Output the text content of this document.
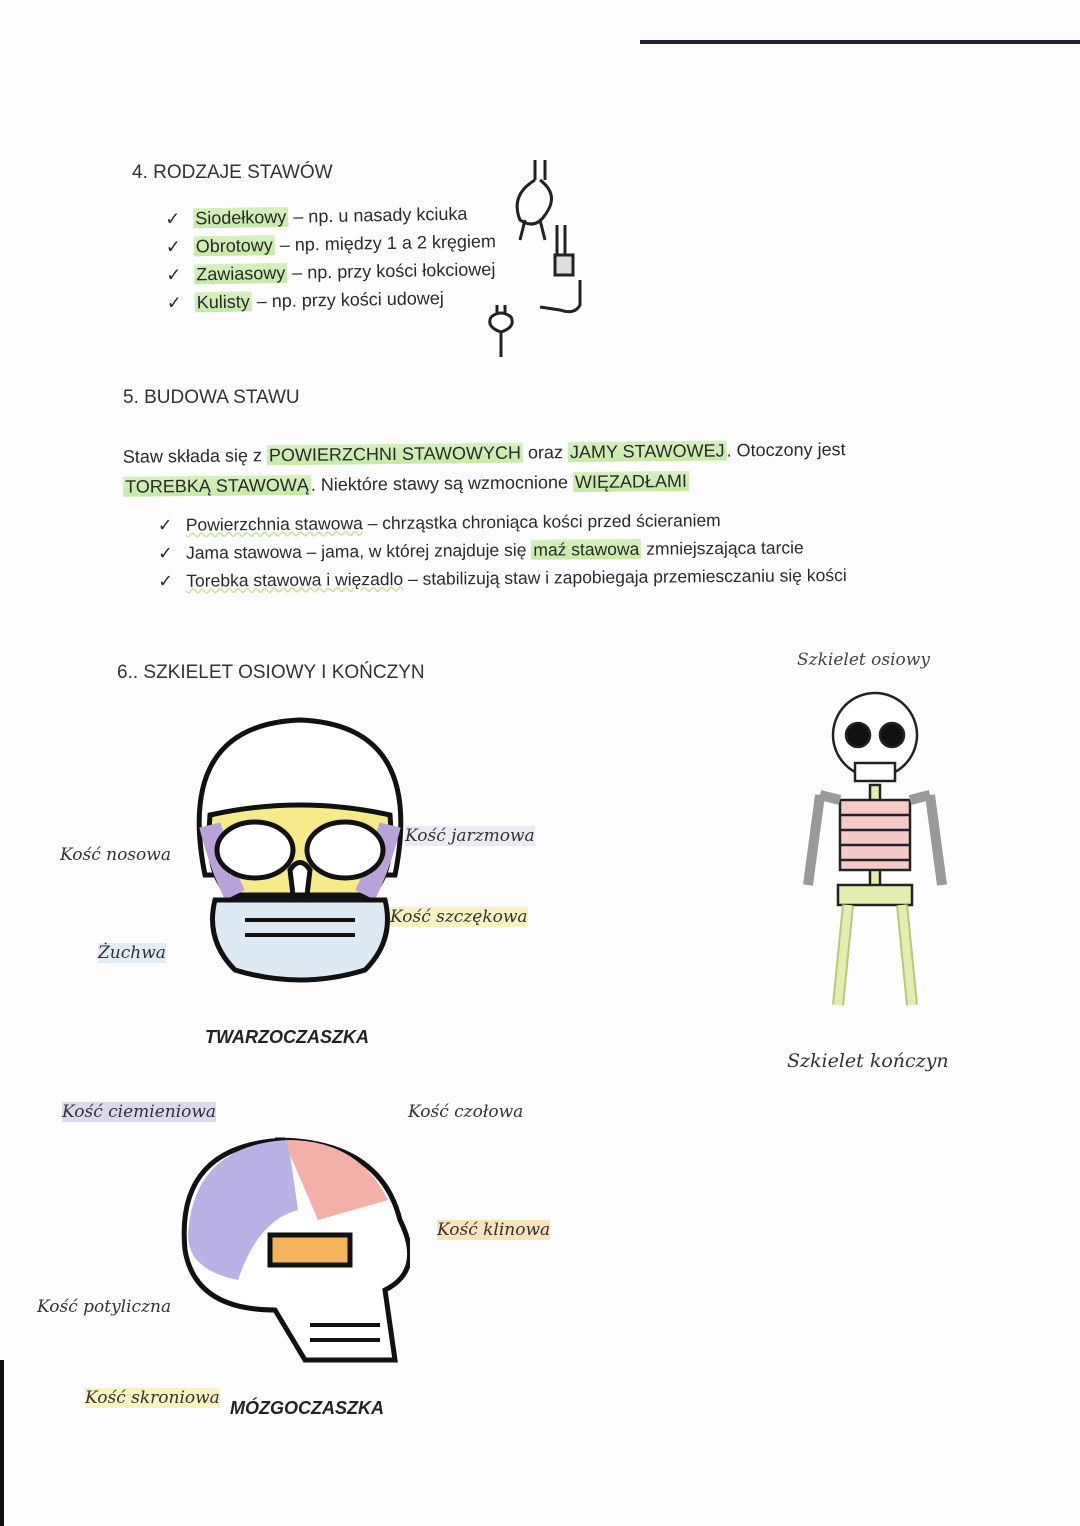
4. RODZAJE STAWÓW
✓ Siodełkowy – np. u nasady kciuka
✓ Obrotowy – np. między 1 a 2 kręgiem
✓ Zawiasowy – np. przy kości łokciowej
✓ Kulisty – np. przy kości udowej
5. BUDOWA STAWU
Staw składa się z POWIERZCHNI STAWOWYCH oraz JAMY STAWOWEJ. Otoczony jest
TOREBKĄ STAWOWĄ. Niektóre stawy są wzmocnione WIĘZADŁAMI
✓ Powierzchnia stawowa – chrząstka chroniąca kości przed ścieraniem
✓ Jama stawowa – jama, w której znajduje się maź stawowa zmniejszająca tarcie
✓ Torebka stawowa i więzadlo – stabilizują staw i zapobiegaja przemiesczaniu się kości
6.. SZKIELET OSIOWY I KOŃCZYN
Szkielet osiowy
Szkielet kończyn
Kość nosowa
Kość jarzmowa
Kość szczękowa
Żuchwa
TWARZOCZASZKA
Kość ciemieniowa	Kość czołowa
Kość klinowa
Kość potyliczna
Kość skroniowa MÓZGOCZASZKA
